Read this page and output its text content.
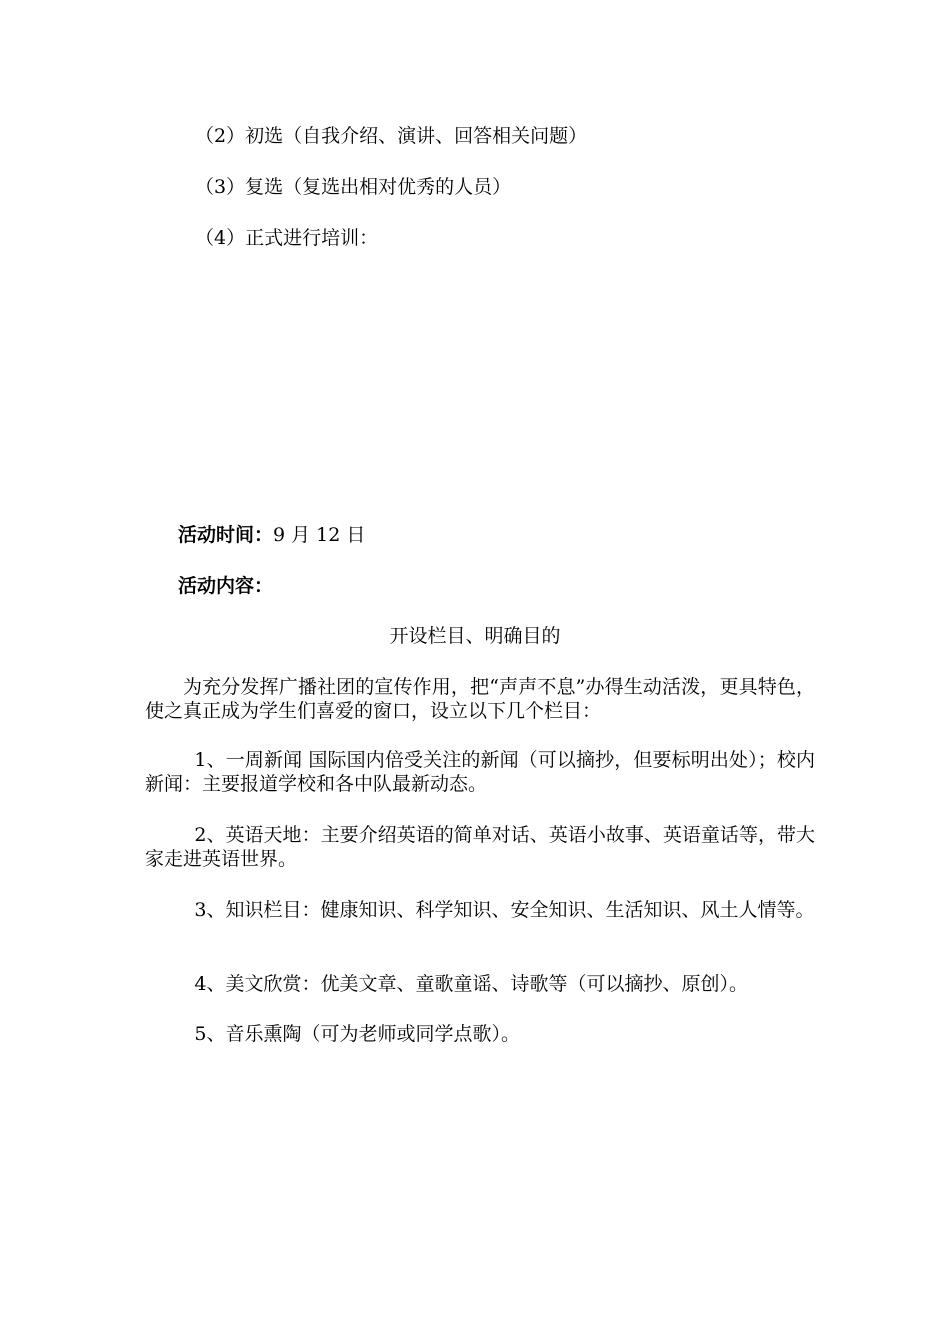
（2）初选（自我介绍、演讲、回答相关问题）
（3）复选（复选出相对优秀的人员）
（4）正式进行培训：
活动时间：9 月 12 日
活动内容：
开设栏目、明确目的
为充分发挥广播社团的宣传作用，把“声声不息”办得生动活泼，更具特色，使之真正成为学生们喜爱的窗口，设立以下几个栏目：
1、一周新闻 国际国内倍受关注的新闻（可以摘抄，但要标明出处）；校内新闻：主要报道学校和各中队最新动态。
2、英语天地：主要介绍英语的简单对话、英语小故事、英语童话等，带大家走进英语世界。
3、知识栏目：健康知识、科学知识、安全知识、生活知识、风土人情等。
4、美文欣赏：优美文章、童歌童谣、诗歌等（可以摘抄、原创）。
5、音乐熏陶（可为老师或同学点歌）。
